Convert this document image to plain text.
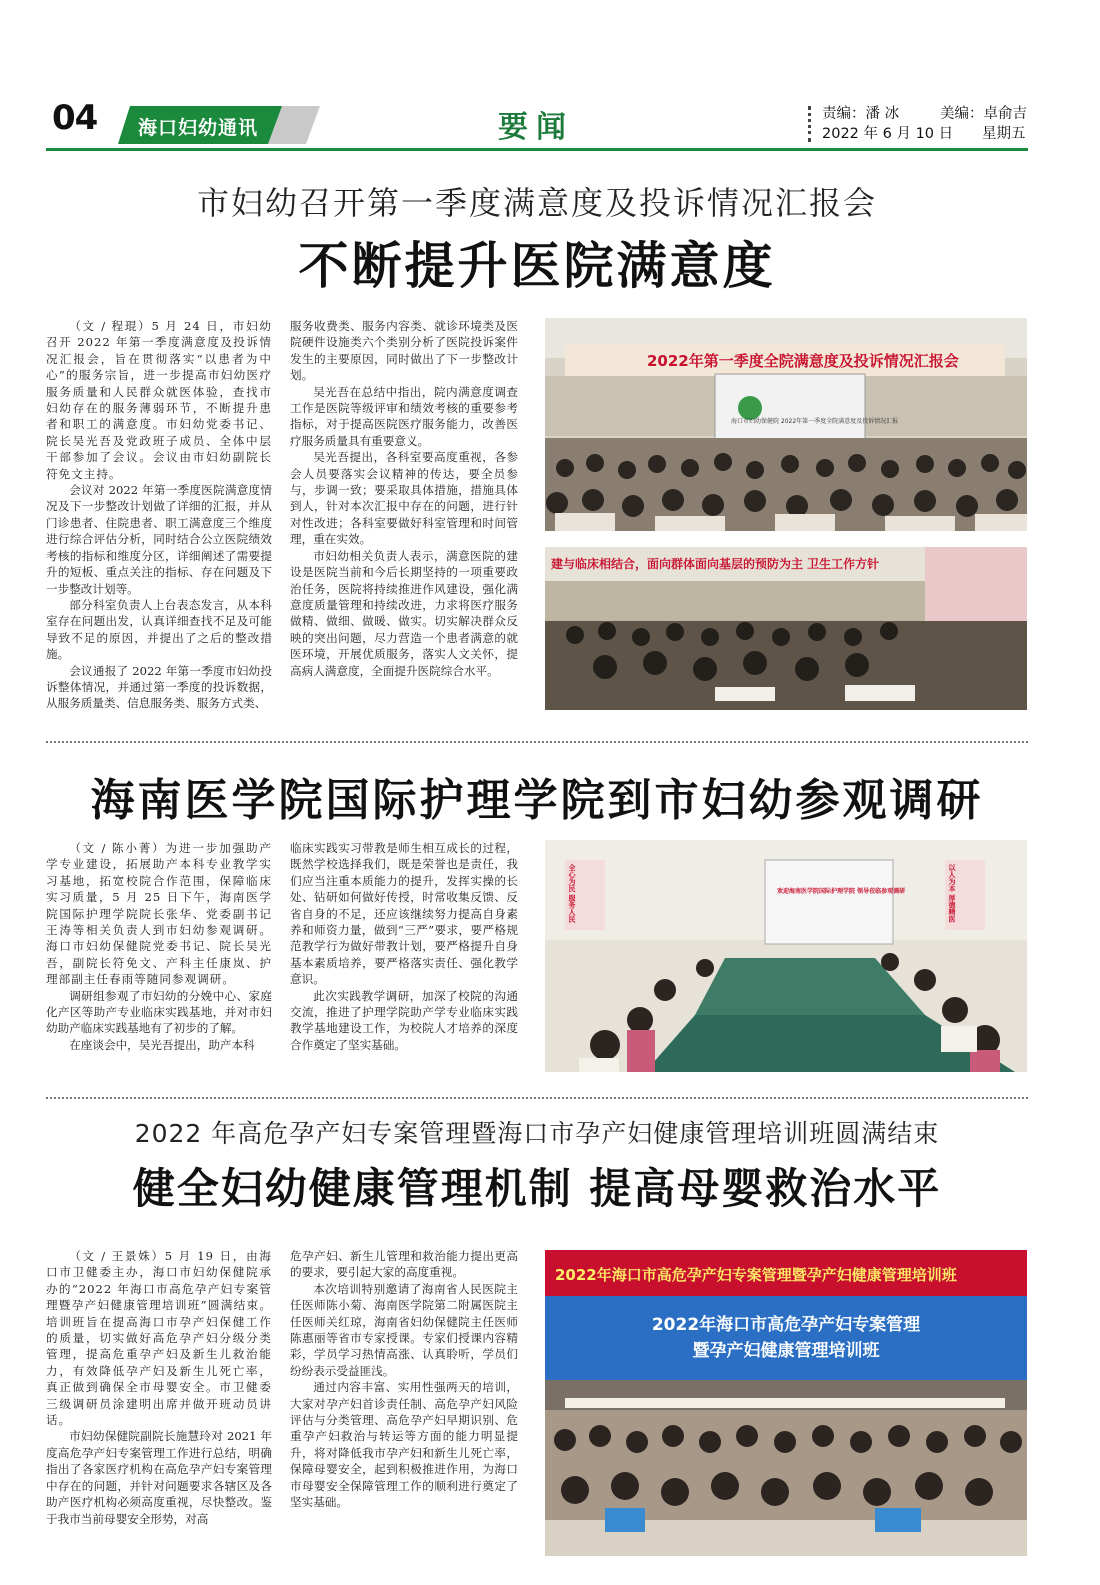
04 海口妇幼通讯	要闻	责编：潘 冰	美编：卓俞吉
2022 年 6 月 10 日 星期五
市妇幼召开第一季度满意度及投诉情况汇报会
不断提升医院满意度

（文 / 程琨）5 月 24 日，市妇幼召开 2022 年第一季度满意度及投诉情况汇报会，旨在贯彻落实“以患者为中心”的服务宗旨，进一步提高市妇幼医疗服务质量和人民群众就医体验，查找市妇幼存在的服务薄弱环节，不断提升患者和职工的满意度。市妇幼党委书记、院长吴光吾及党政班子成员、全体中层干部参加了会议。会议由市妇幼副院长符免文主持。

会议对 2022 年第一季度医院满意度情况及下一步整改计划做了详细的汇报，并从门诊患者、住院患者、职工满意度三个维度进行综合评估分析，同时结合公立医院绩效考核的指标和维度分区，详细阐述了需要提升的短板、重点关注的指标、存在问题及下一步整改计划等。

部分科室负责人上台表态发言，从本科室存在问题出发，认真详细查找不足及可能导致不足的原因，并提出了之后的整改措施。

会议通报了 2022 年第一季度市妇幼投诉整体情况，并通过第一季度的投诉数据，从服务质量类、信息服务类、服务方式类、

服务收费类、服务内容类、就诊环境类及医院硬件设施类六个类别分析了医院投诉案件发生的主要原因，同时做出了下一步整改计划。

吴光吾在总结中指出，院内满意度调查工作是医院等级评审和绩效考核的重要参考指标，对于提高医院医疗服务能力，改善医疗服务质量具有重要意义。

吴光吾提出，各科室要高度重视，各参会人员要落实会议精神的传达，要全员参与，步调一致；要采取具体措施，措施具体到人，针对本次汇报中存在的问题，进行针对性改进；各科室要做好科室管理和时间管理，重在实效。

市妇幼相关负责人表示，满意医院的建设是医院当前和今后长期坚持的一项重要政治任务，医院将持续推进作风建设，强化满意度质量管理和持续改进，力求将医疗服务做精、做细、做暖、做实。切实解决群众反映的突出问题，尽力营造一个患者满意的就医环境，开展优质服务，落实人文关怀，提高病人满意度，全面提升医院综合水平。

2022年第一季度全院满意度及投诉情况汇报会
海口市妇幼保健院 2022年第一季度全院满意度及投诉情况汇报
建与临床相结合，面向群体面向基层的预防为主 卫生工作方针
海南医学院国际护理学院到市妇幼参观调研

（文 / 陈小菁）为进一步加强助产学专业建设，拓展助产本科专业教学实习基地，拓宽校院合作范围，保障临床实习质量，5 月 25 日下午，海南医学院国际护理学院院长张华、党委副书记王涛等相关负责人到市妇幼参观调研。海口市妇幼保健院党委书记、院长吴光吾，副院长符免文、产科主任康岚、护理部副主任春雨等随同参观调研。

调研组参观了市妇幼的分娩中心、家庭化产区等助产专业临床实践基地，并对市妇幼助产临床实践基地有了初步的了解。

在座谈会中，吴光吾提出，助产本科

临床实践实习带教是师生相互成长的过程，既然学校选择我们，既是荣誉也是责任，我们应当注重本质能力的提升，发挥实操的长处、钻研如何做好传授，时常收集反馈、反省自身的不足，还应该继续努力提高自身素养和师资力量，做到“三严”要求，要严格规范教学行为做好带教计划，要严格提升自身基本素质培养，要严格落实责任、强化教学意识。

此次实践教学调研，加深了校院的沟通交流，推进了护理学院助产学专业临床实践教学基地建设工作，为校院人才培养的深度合作奠定了坚实基础。

欢迎海南医学院国际护理学院 领导莅临参观调研
全心为民 服务人民	以人为本 厚德精医
2022 年高危孕产妇专案管理暨海口市孕产妇健康管理培训班圆满结束
健全妇幼健康管理机制 提高母婴救治水平

（文 / 王景姝）5 月 19 日，由海口市卫健委主办，海口市妇幼保健院承办的“2022 年海口市高危孕产妇专案管理暨孕产妇健康管理培训班”圆满结束。培训班旨在提高海口市孕产妇保健工作的质量，切实做好高危孕产妇分级分类管理，提高危重孕产妇及新生儿救治能力，有效降低孕产妇及新生儿死亡率，真正做到确保全市母婴安全。市卫健委三级调研员涂建明出席并做开班动员讲话。

市妇幼保健院副院长施慧玲对 2021 年度高危孕产妇专案管理工作进行总结，明确指出了各家医疗机构在高危孕产妇专案管理中存在的问题，并针对问题要求各辖区及各助产医疗机构必须高度重视，尽快整改。鉴于我市当前母婴安全形势，对高

危孕产妇、新生儿管理和救治能力提出更高的要求，要引起大家的高度重视。

本次培训特别邀请了海南省人民医院主任医师陈小菊、海南医学院第二附属医院主任医师关红琼，海南省妇幼保健院主任医师陈惠丽等省市专家授课。专家们授课内容精彩，学员学习热情高涨、认真聆听，学员们纷纷表示受益匪浅。

通过内容丰富、实用性强两天的培训，大家对孕产妇首诊责任制、高危孕产妇风险评估与分类管理、高危孕产妇早期识别、危重孕产妇救治与转运等方面的能力明显提升，将对降低我市孕产妇和新生儿死亡率，保障母婴安全，起到积极推进作用，为海口市母婴安全保障管理工作的顺利进行奠定了坚实基础。

2022年海口市高危孕产妇专案管理暨孕产妇健康管理培训班
2022年海口市高危孕产妇专案管理
暨孕产妇健康管理培训班
